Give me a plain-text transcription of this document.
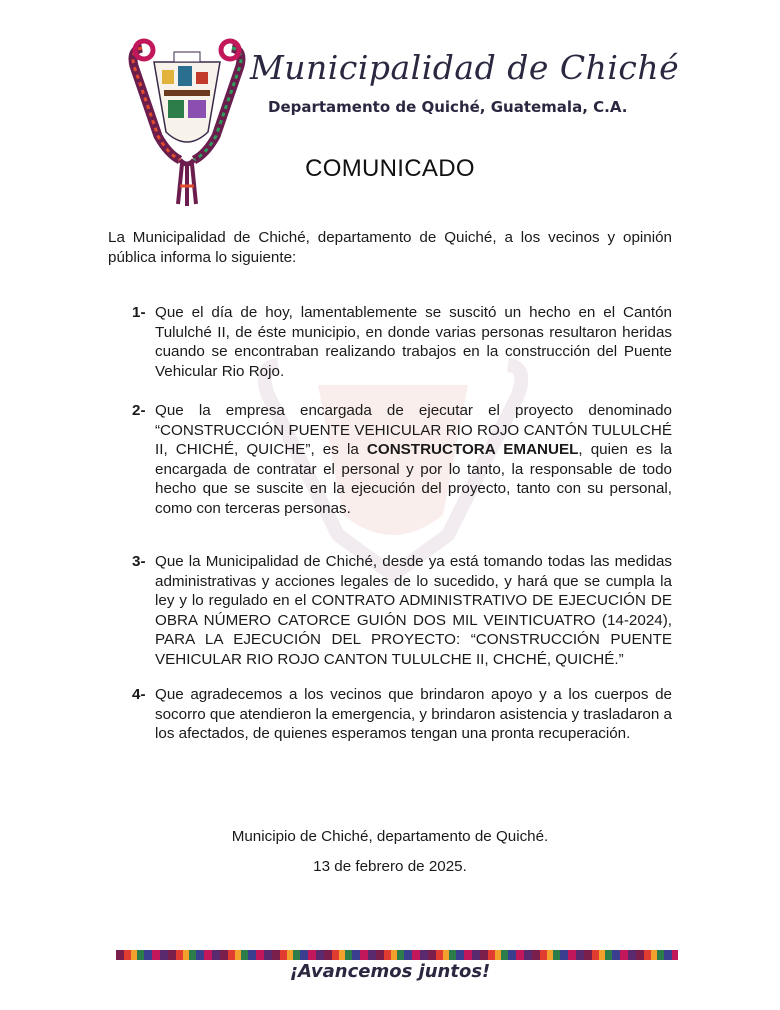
Municipalidad de Chiché
Departamento de Quiché, Guatemala, C.A.
COMUNICADO

La Municipalidad de Chiché, departamento de Quiché, a los vecinos y opinión pública informa lo siguiente:

1- Que el día de hoy, lamentablemente se suscitó un hecho en el Cantón Tululché II, de éste municipio, en donde varias personas resultaron heridas cuando se encontraban realizando trabajos en la construcción del Puente Vehicular Rio Rojo.

2- Que la empresa encargada de ejecutar el proyecto denominado “CONSTRUCCIÓN PUENTE VEHICULAR RIO ROJO CANTÓN TULULCHÉ II, CHICHÉ, QUICHE”, es la CONSTRUCTORA EMANUEL, quien es la encargada de contratar el personal y por lo tanto, la responsable de todo hecho que se suscite en la ejecución del proyecto, tanto con su personal, como con terceras personas.

3- Que la Municipalidad de Chiché, desde ya está tomando todas las medidas administrativas y acciones legales de lo sucedido, y hará que se cumpla la ley y lo regulado en el CONTRATO ADMINISTRATIVO DE EJECUCIÓN DE OBRA NÚMERO CATORCE GUIÓN DOS MIL VEINTICUATRO (14-2024), PARA LA EJECUCIÓN DEL PROYECTO: “CONSTRUCCIÓN PUENTE VEHICULAR RIO ROJO CANTON TULULCHE II, CHCHÉ, QUICHÉ.”

4- Que agradecemos a los vecinos que brindaron apoyo y a los cuerpos de socorro que atendieron la emergencia, y brindaron asistencia y trasladaron a los afectados, de quienes esperamos tengan una pronta recuperación.

Municipio de Chiché, departamento de Quiché.
13 de febrero de 2025.
¡Avancemos juntos!
